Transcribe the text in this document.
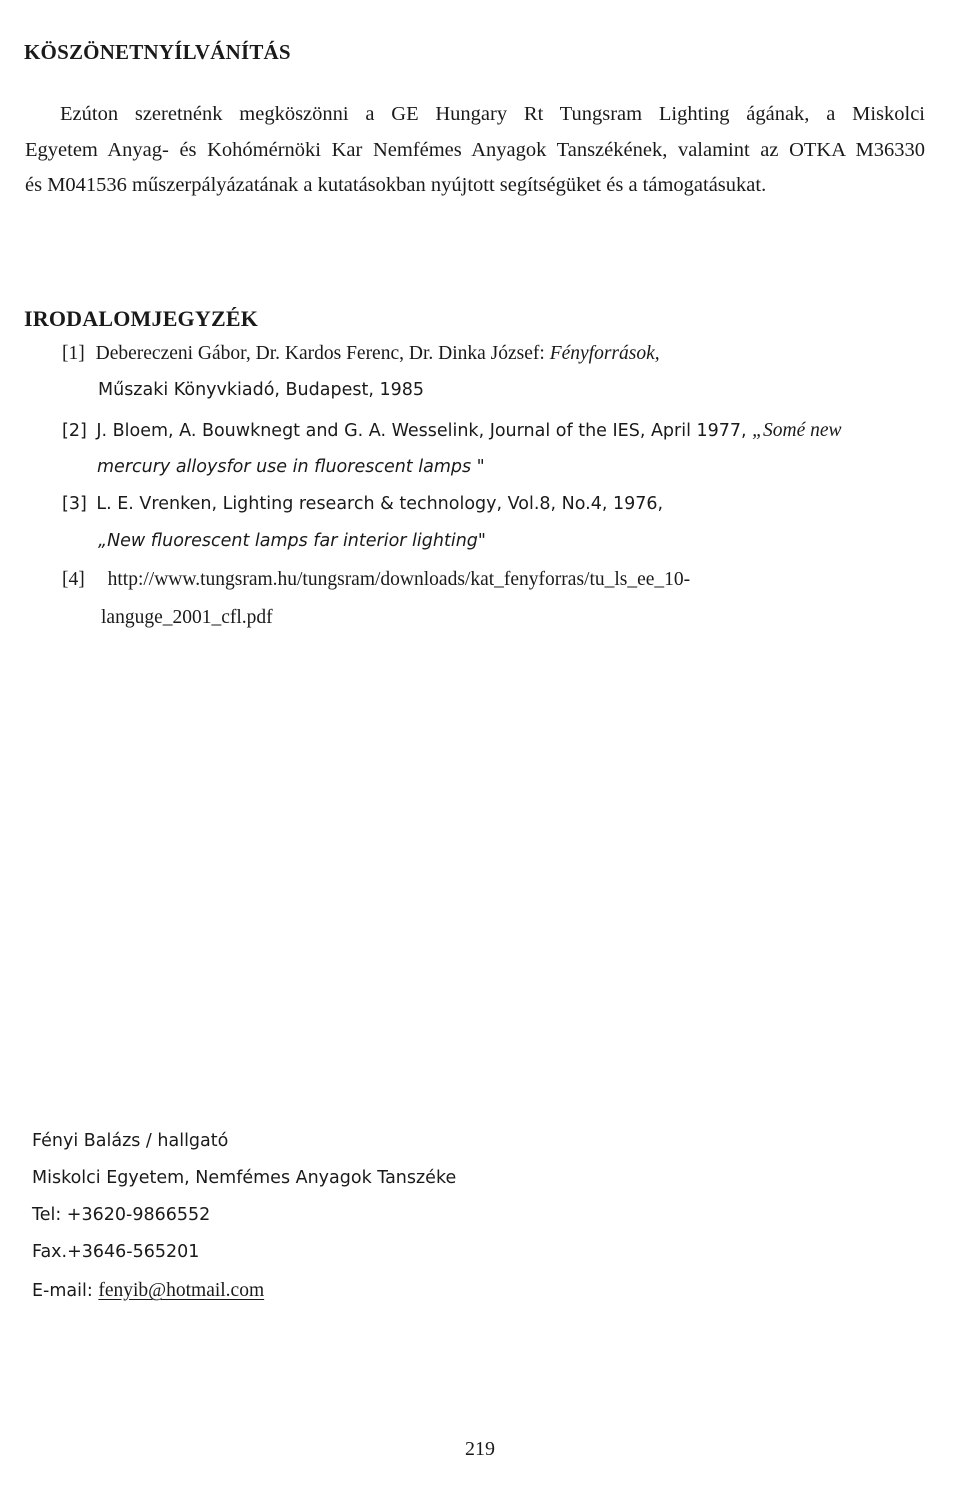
KÖSZÖNETNYÍLVÁNÍTÁS

Ezúton szeretnénk megköszönni a GE Hungary Rt Tungsram Lighting ágának, a Miskolci
Egyetem Anyag- és Kohómérnöki Kar Nemfémes Anyagok Tanszékének, valamint az OTKA M36330
és M041536 műszerpályázatának a kutatásokban nyújtott segítségüket és a támogatásukat.

IRODALOMJEGYZÉK
[1] Debereczeni Gábor, Dr. Kardos Ferenc, Dr. Dinka József: Fényforrások,
Műszaki Könyvkiadó, Budapest, 1985
[2] J. Bloem, A. Bouwknegt and G. A. Wesselink, Journal of the IES, April 1977, „Somé new
mercury alloysfor use in fluorescent lamps "
[3] L. E. Vrenken, Lighting research & technology, Vol.8, No.4, 1976,
„New fluorescent lamps far interior lighting"
[4] http://www.tungsram.hu/tungsram/downloads/kat_fenyforras/tu_ls_ee_10-
languge_2001_cfl.pdf
Fényi Balázs / hallgató
Miskolci Egyetem, Nemfémes Anyagok Tanszéke
Tel: +3620-9866552
Fax.+3646-565201
E-mail: fenyib@hotmail.com
219
